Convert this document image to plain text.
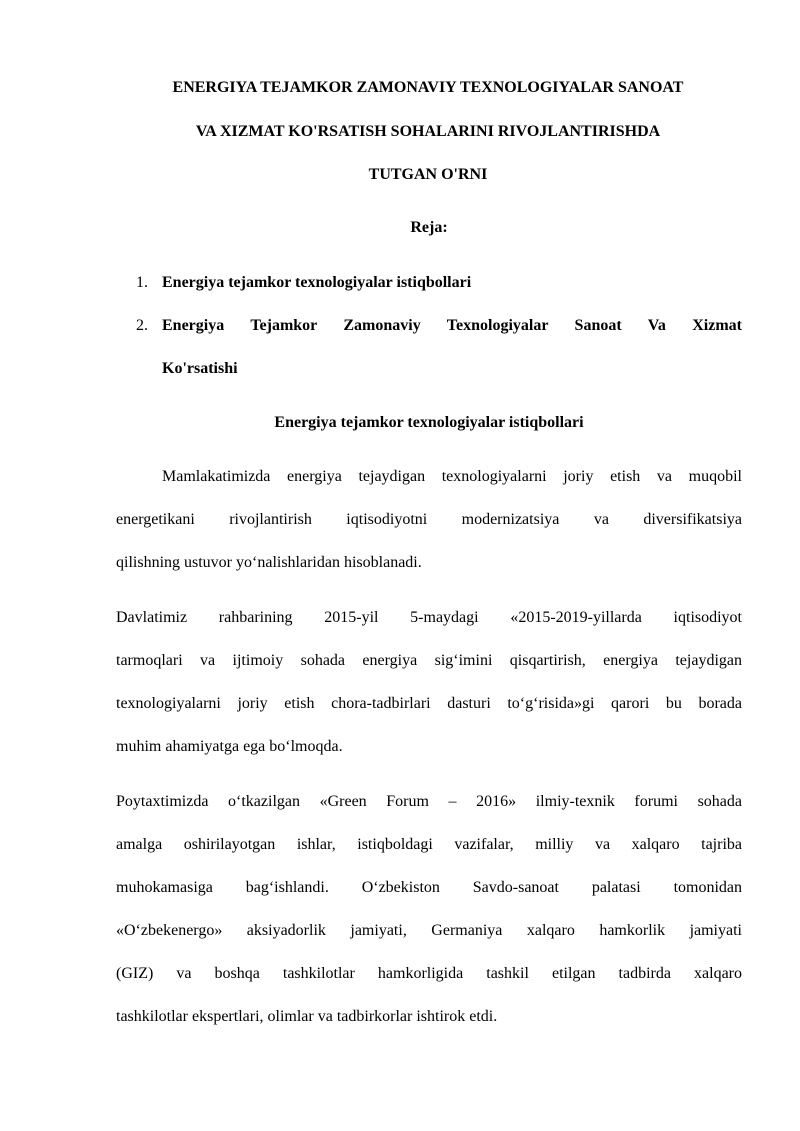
ENERGIYA TEJAMKOR ZAMONAVIY TEXNOLOGIYALAR SANOAT
VA XIZMAT KO'RSATISH SOHALARINI RIVOJLANTIRISHDA
TUTGAN O'RNI
Reja:
1. Energiya tejamkor texnologiyalar istiqbollari
2. Energiya Tejamkor Zamonaviy Texnologiyalar Sanoat Va Xizmat
Ko'rsatishi
Energiya tejamkor texnologiyalar istiqbollari
Mamlakatimizda energiya tejaydigan texnologiyalarni joriy etish va muqobil
energetikani rivojlantirish iqtisodiyotni modernizatsiya va diversifikatsiya
qilishning ustuvor yo‘nalishlaridan hisoblanadi.
Davlatimiz rahbarining 2015-yil 5-maydagi «2015-2019-yillarda iqtisodiyot
tarmoqlari va ijtimoiy sohada energiya sig‘imini qisqartirish, energiya tejaydigan
texnologiyalarni joriy etish chora-tadbirlari dasturi to‘g‘risida»gi qarori bu borada
muhim ahamiyatga ega bo‘lmoqda.
Poytaxtimizda o‘tkazilgan «Green Forum – 2016» ilmiy-texnik forumi sohada
amalga oshirilayotgan ishlar, istiqboldagi vazifalar, milliy va xalqaro tajriba
muhokamasiga bag‘ishlandi. O‘zbekiston Savdo-sanoat palatasi tomonidan
«O‘zbekenergo» aksiyadorlik jamiyati, Germaniya xalqaro hamkorlik jamiyati
(GIZ) va boshqa tashkilotlar hamkorligida tashkil etilgan tadbirda xalqaro
tashkilotlar ekspertlari, olimlar va tadbirkorlar ishtirok etdi.
